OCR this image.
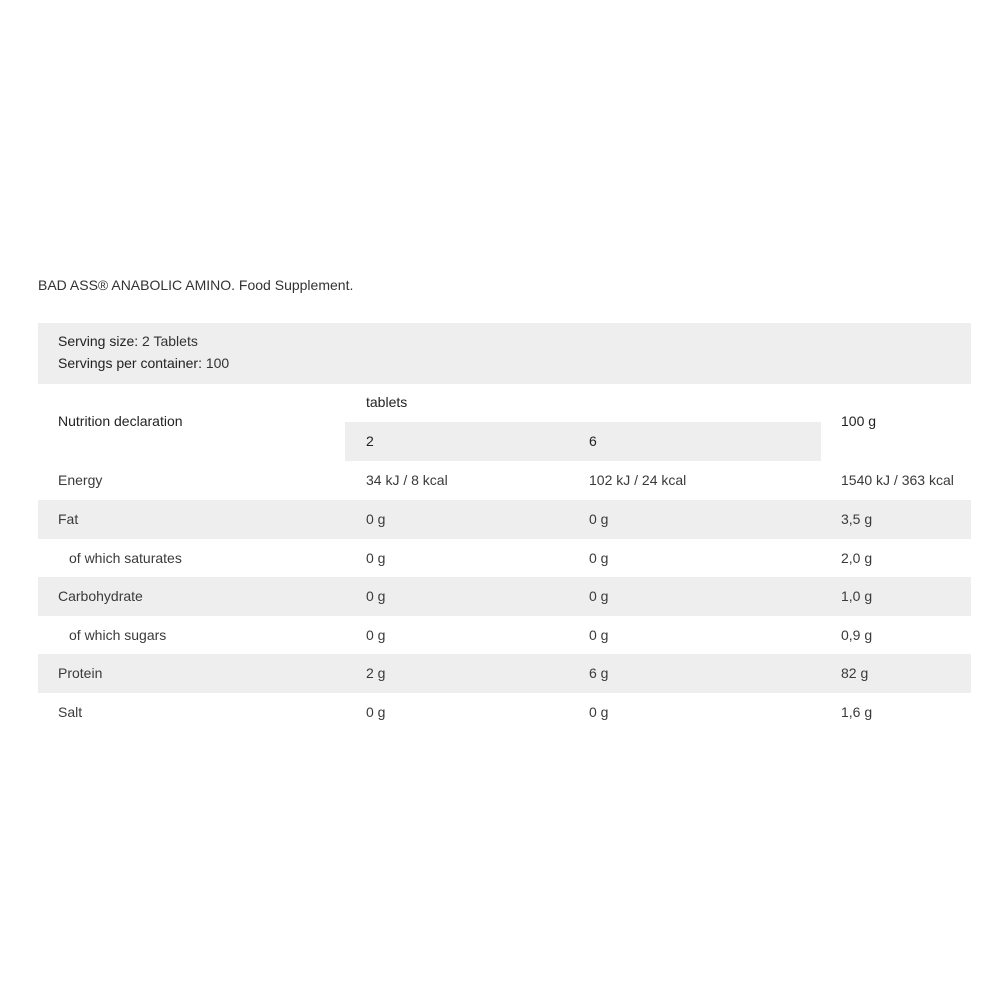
BAD ASS® ANABOLIC AMINO. Food Supplement.
Serving size: 2 Tablets
Servings per container: 100
Nutrition declaration
tablets
100 g
2	6
Energy	34 kJ / 8 kcal	102 kJ / 24 kcal	1540 kJ / 363 kcal
Fat	0 g	0 g	3,5 g
of which saturates	0 g	0 g	2,0 g
Carbohydrate	0 g	0 g	1,0 g
of which sugars	0 g	0 g	0,9 g
Protein	2 g	6 g	82 g
Salt	0 g	0 g	1,6 g
